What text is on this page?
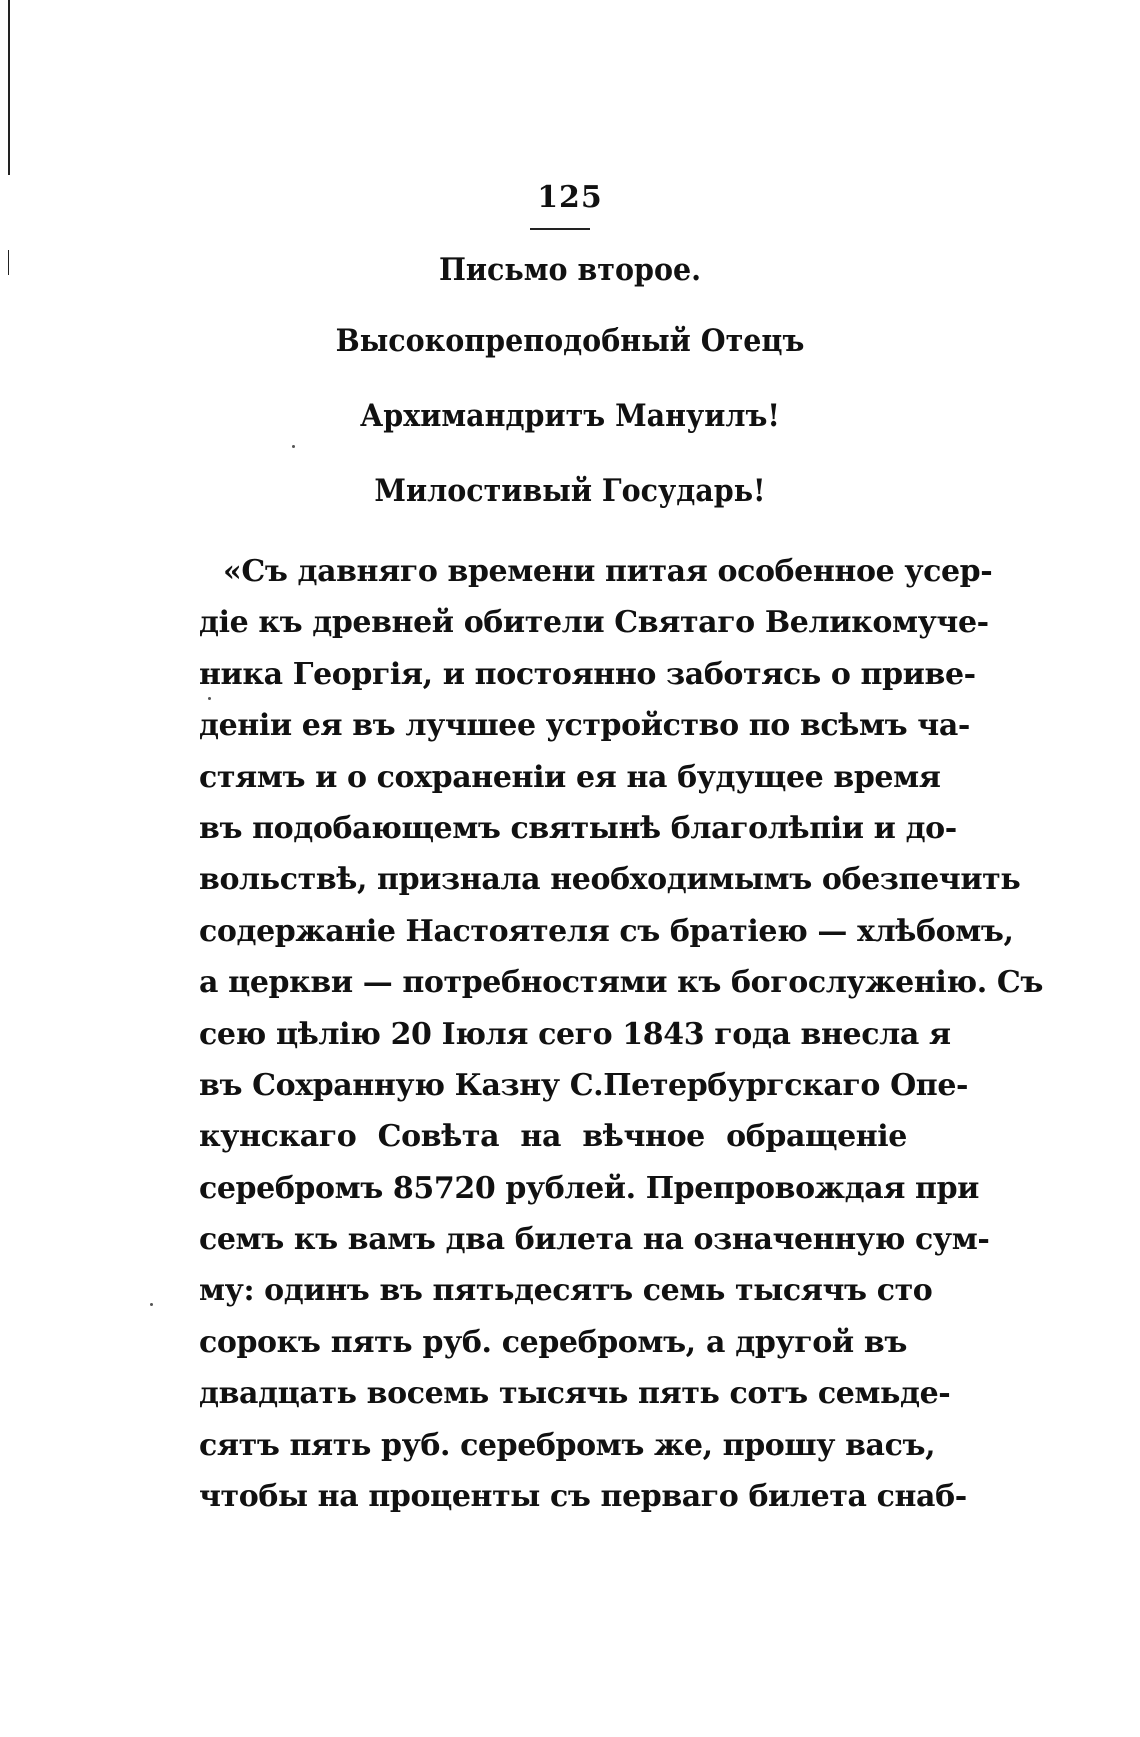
125
Письмо второе.
Высокопреподобный Отецъ
Архимандритъ Мануилъ!
Милостивый Государь!
«Съ давняго времени питая особенное усер-
діе къ древней обители Святаго Великомуче-
ника Георгія, и постоянно заботясь о приве-
деніи ея въ лучшее устройство по всѣмъ ча-
стямъ и о сохраненіи ея на будущее время
въ подобающемъ святынѣ благолѣпіи и до-
вольствѣ, признала необходимымъ обезпечить
содержаніе Настоятеля съ братіею — хлѣбомъ,
а церкви — потребностями къ богослуженію. Съ
сею цѣлію 20 Іюля сего 1843 года внесла я
въ Сохранную Казну С.Петербургскаго Опе-
кунскаго Совѣта на вѣчное обращеніе
серебромъ 85720 рублей. Препровождая при
семъ къ вамъ два билета на означенную сум-
му: одинъ въ пятьдесятъ семь тысячъ сто
сорокъ пять руб. серебромъ, а другой въ
двадцать восемь тысячь пять сотъ семьде-
сятъ пять руб. серебромъ же, прошу васъ,
чтобы на проценты съ перваго билета снаб-
